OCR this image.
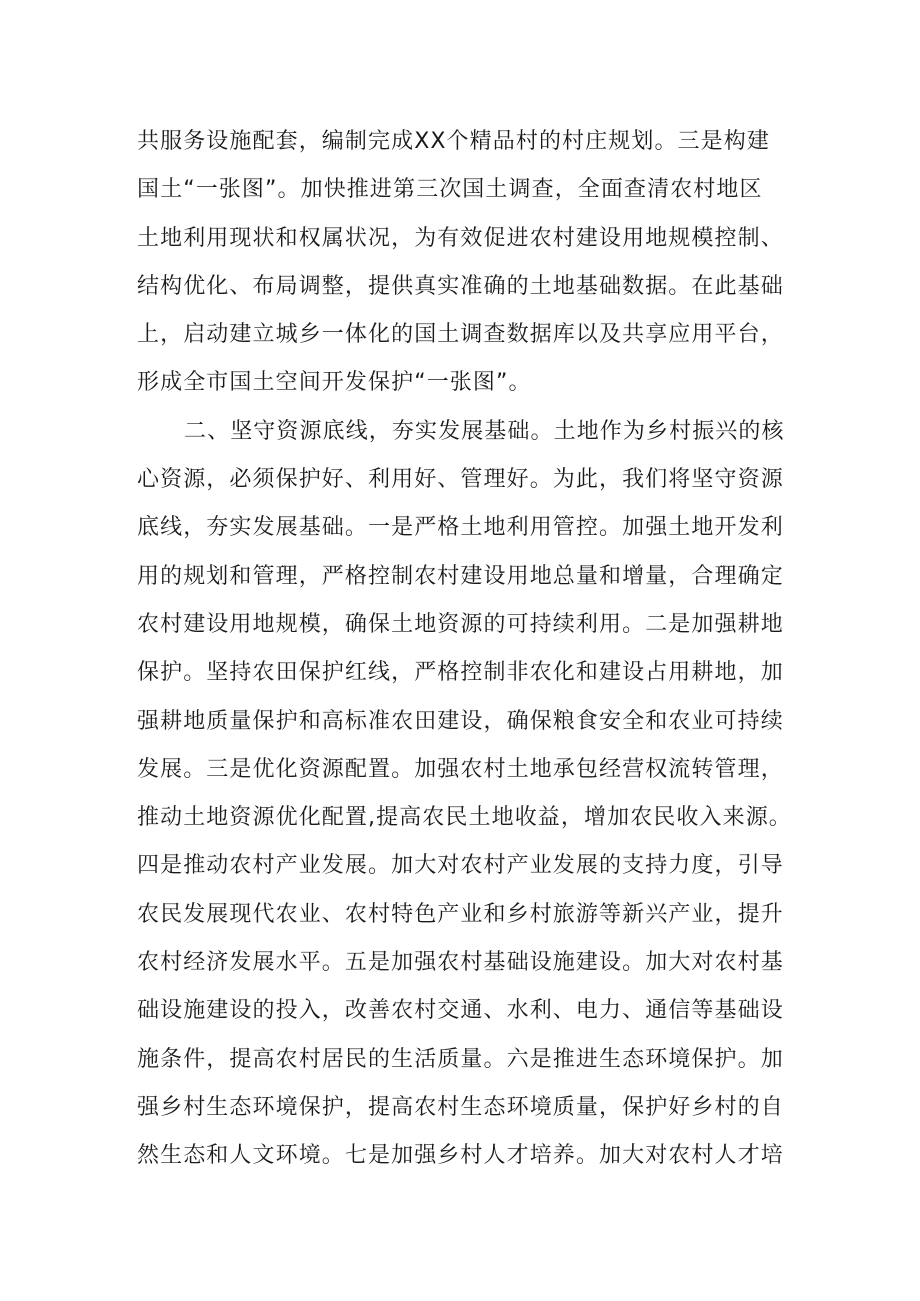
共服务设施配套，编制完成XX个精品村的村庄规划。三是构建
国土“一张图”。加快推进第三次国土调查，全面查清农村地区
土地利用现状和权属状况，为有效促进农村建设用地规模控制、
结构优化、布局调整，提供真实准确的土地基础数据。在此基础
上，启动建立城乡一体化的国土调查数据库以及共享应用平台，
形成全市国土空间开发保护“一张图”。
二、坚守资源底线，夯实发展基础。土地作为乡村振兴的核
心资源，必须保护好、利用好、管理好。为此，我们将坚守资源
底线，夯实发展基础。一是严格土地利用管控。加强土地开发利
用的规划和管理，严格控制农村建设用地总量和增量，合理确定
农村建设用地规模，确保土地资源的可持续利用。二是加强耕地
保护。坚持农田保护红线，严格控制非农化和建设占用耕地，加
强耕地质量保护和高标准农田建设，确保粮食安全和农业可持续
发展。三是优化资源配置。加强农村土地承包经营权流转管理，
推动土地资源优化配置,提高农民土地收益，增加农民收入来源。
四是推动农村产业发展。加大对农村产业发展的支持力度，引导
农民发展现代农业、农村特色产业和乡村旅游等新兴产业，提升
农村经济发展水平。五是加强农村基础设施建设。加大对农村基
础设施建设的投入，改善农村交通、水利、电力、通信等基础设
施条件，提高农村居民的生活质量。六是推进生态环境保护。加
强乡村生态环境保护，提高农村生态环境质量，保护好乡村的自
然生态和人文环境。七是加强乡村人才培养。加大对农村人才培
